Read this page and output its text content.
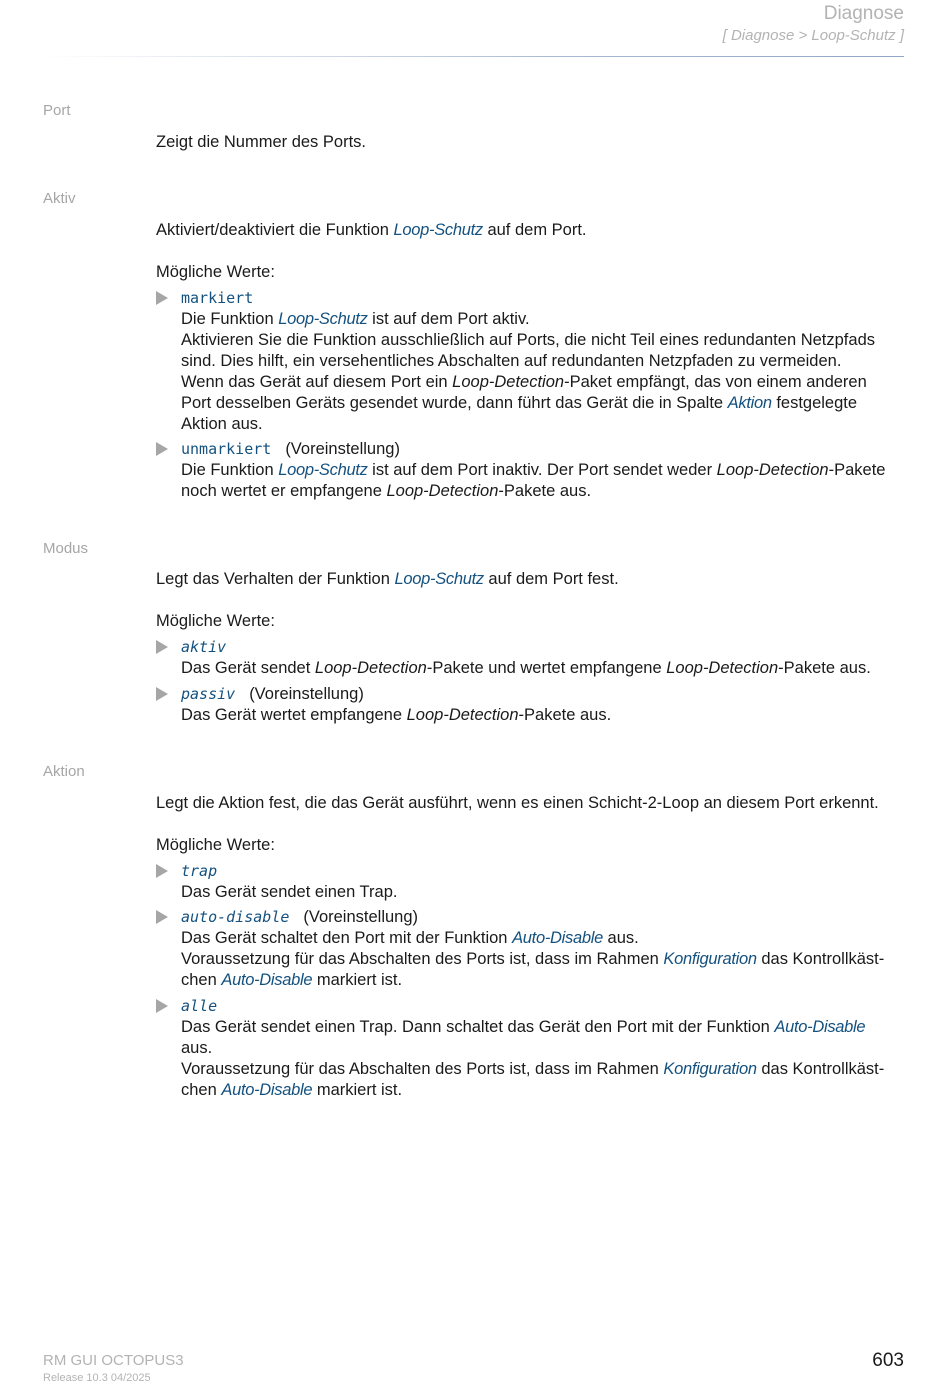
Diagnose
[ Diagnose > Loop-Schutz ]
Port
Zeigt die Nummer des Ports.
Aktiv
Aktiviert/deaktiviert die Funktion Loop-Schutz auf dem Port.
Mögliche Werte:
markiert
Die Funktion Loop-Schutz ist auf dem Port aktiv.
Aktivieren Sie die Funktion ausschließlich auf Ports, die nicht Teil eines redundanten Netzpfads
sind. Dies hilft, ein versehentliches Abschalten auf redundanten Netzpfaden zu vermeiden.
Wenn das Gerät auf diesem Port ein Loop-Detection-Paket empfängt, das von einem anderen
Port desselben Geräts gesendet wurde, dann führt das Gerät die in Spalte Aktion festgelegte
Aktion aus.
unmarkiert (Voreinstellung)
Die Funktion Loop-Schutz ist auf dem Port inaktiv. Der Port sendet weder Loop-Detection-Pakete
noch wertet er empfangene Loop-Detection-Pakete aus.
Modus
Legt das Verhalten der Funktion Loop-Schutz auf dem Port fest.
Mögliche Werte:
aktiv
Das Gerät sendet Loop-Detection-Pakete und wertet empfangene Loop-Detection-Pakete aus.
passiv (Voreinstellung)
Das Gerät wertet empfangene Loop-Detection-Pakete aus.
Aktion
Legt die Aktion fest, die das Gerät ausführt, wenn es einen Schicht-2-Loop an diesem Port erkennt.
Mögliche Werte:
trap
Das Gerät sendet einen Trap.
auto-disable (Voreinstellung)
Das Gerät schaltet den Port mit der Funktion Auto-Disable aus.
Voraussetzung für das Abschalten des Ports ist, dass im Rahmen Konfiguration das Kontrollkäst-
chen Auto-Disable markiert ist.
alle
Das Gerät sendet einen Trap. Dann schaltet das Gerät den Port mit der Funktion Auto-Disable
aus.
Voraussetzung für das Abschalten des Ports ist, dass im Rahmen Konfiguration das Kontrollkäst-
chen Auto-Disable markiert ist.
RM GUI OCTOPUS3
Release 10.3 04/2025
603
